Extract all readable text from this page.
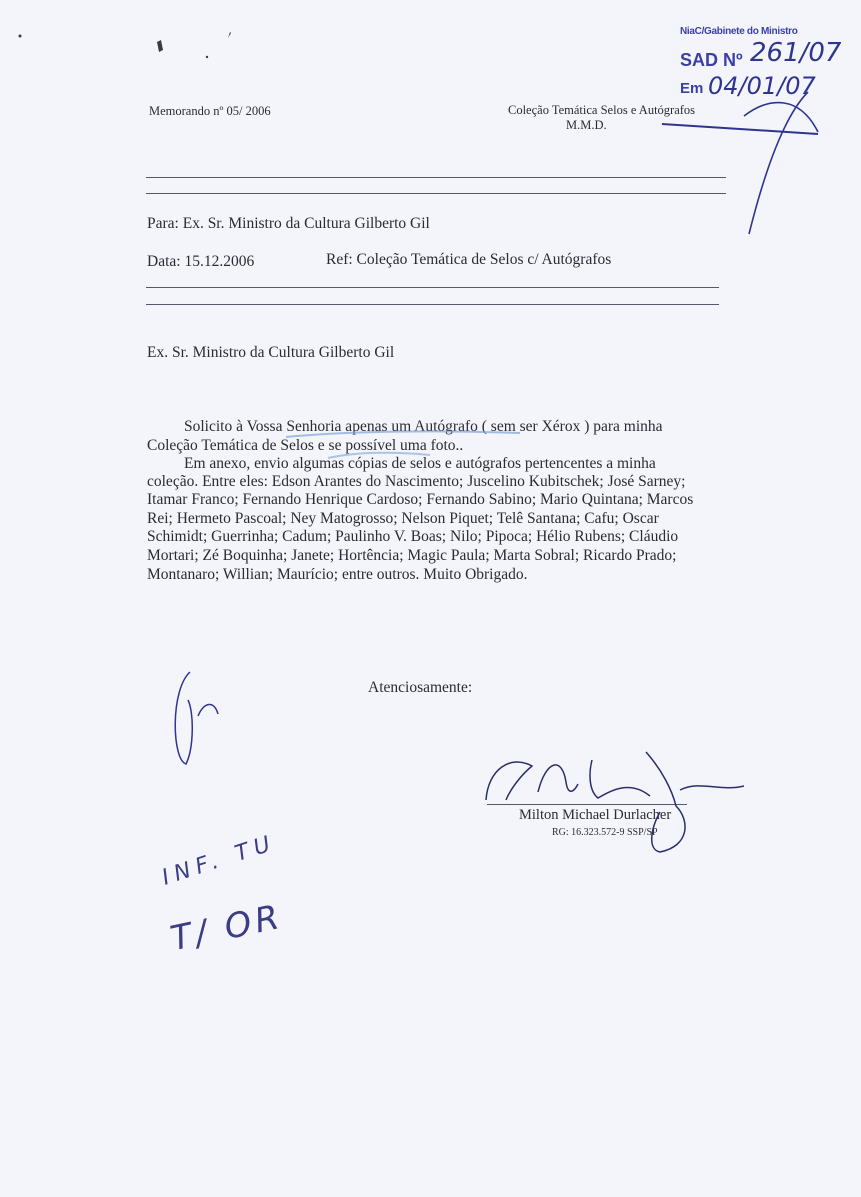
NiaC/Gabinete do Ministro
SAD Nº 261/07
Em 04/01/07
Memorando nº 05/ 2006	Coleção Temática Selos e Autógrafos
M.M.D.
Para: Ex. Sr. Ministro da Cultura Gilberto Gil
Data: 15.12.2006	Ref: Coleção Temática de Selos c/ Autógrafos
Ex. Sr. Ministro da Cultura Gilberto Gil
Solicito à Vossa Senhoria apenas um Autógrafo ( sem ser Xérox ) para minha
Coleção Temática de Selos e se possível uma foto..
Em anexo, envio algumas cópias de selos e autógrafos pertencentes a minha
coleção. Entre eles: Edson Arantes do Nascimento; Juscelino Kubitschek; José Sarney;
Itamar Franco; Fernando Henrique Cardoso; Fernando Sabino; Mario Quintana; Marcos
Rei; Hermeto Pascoal; Ney Matogrosso; Nelson Piquet; Telê Santana; Cafu; Oscar
Schimidt; Guerrinha; Cadum; Paulinho V. Boas; Nilo; Pipoca; Hélio Rubens; Cláudio
Mortari; Zé Boquinha; Janete; Hortência; Magic Paula; Marta Sobral; Ricardo Prado;
Montanaro; Willian; Maurício; entre outros. Muito Obrigado.
Atenciosamente:
Milton Michael Durlacher
RG: 16.323.572-9 SSP/SP
INF. TU
T/ OR
